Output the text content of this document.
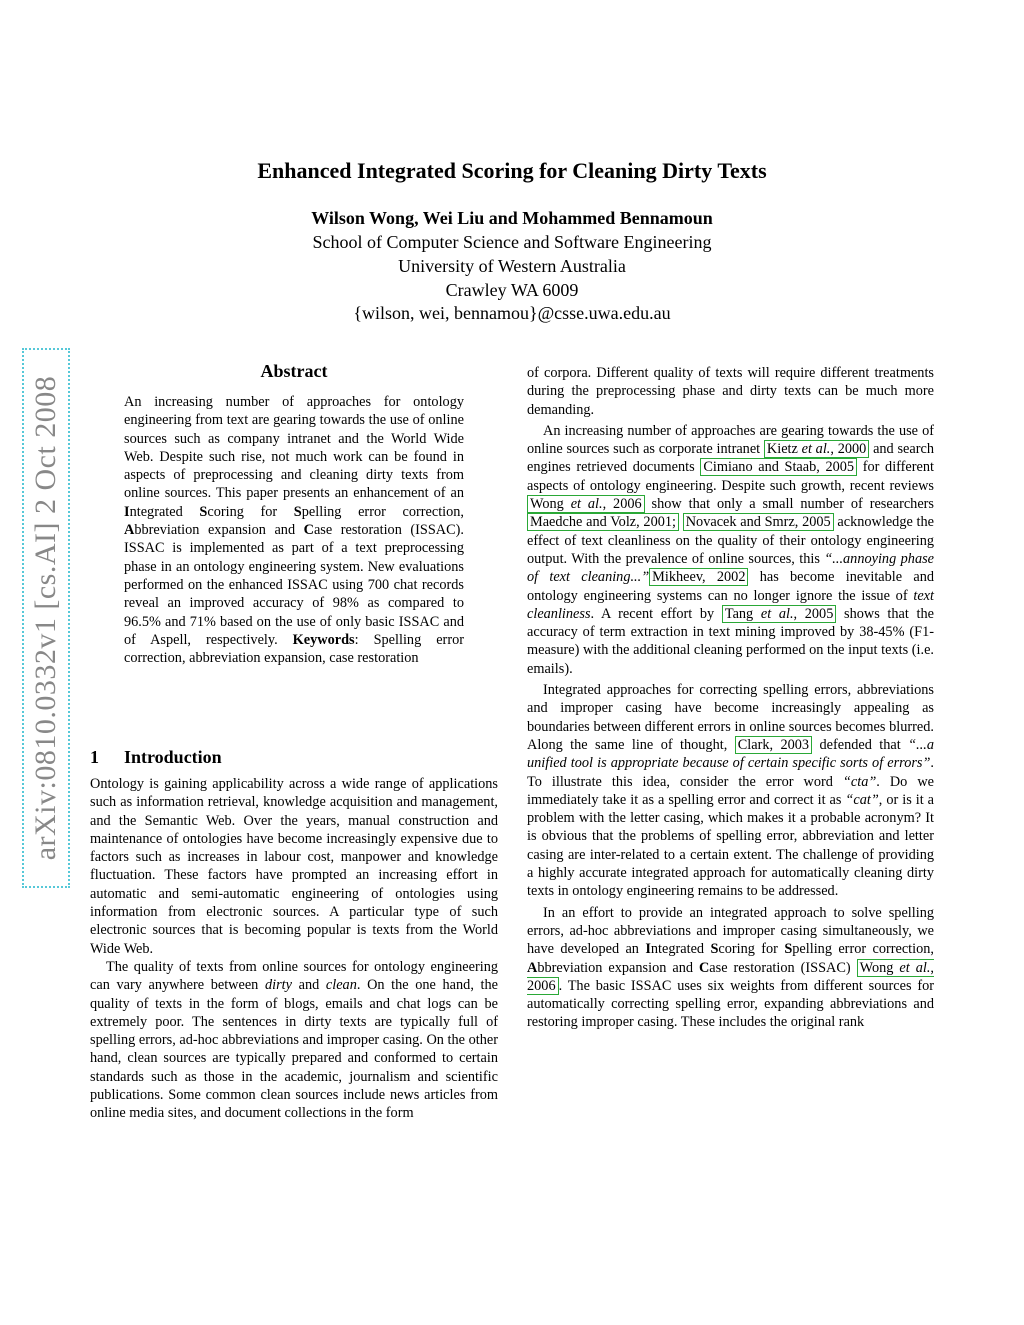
Enhanced Integrated Scoring for Cleaning Dirty Texts
Wilson Wong, Wei Liu and Mohammed Bennamoun
School of Computer Science and Software Engineering
University of Western Australia
Crawley WA 6009
{wilson, wei, bennamou}@csse.uwa.edu.au
arXiv:0810.0332v1 [cs.AI] 2 Oct 2008
Abstract

An increasing number of approaches for ontology engineering from text are gearing towards the use of online sources such as company intranet and the World Wide Web. Despite such rise, not much work can be found in aspects of preprocessing and cleaning dirty texts from online sources. This paper presents an enhancement of an Integrated Scoring for Spelling error correction, Abbreviation expansion and Case restoration (ISSAC). ISSAC is implemented as part of a text preprocessing phase in an ontology engineering system. New evaluations performed on the enhanced ISSAC using 700 chat records reveal an improved accuracy of 98% as compared to 96.5% and 71% based on the use of only basic ISSAC and of Aspell, respectively. Keywords: Spelling error correction, abbreviation expansion, case restoration

1 Introduction

Ontology is gaining applicability across a wide range of applications such as information retrieval, knowledge acquisition and management, and the Semantic Web. Over the years, manual construction and maintenance of ontologies have become increasingly expensive due to factors such as increases in labour cost, manpower and knowledge fluctuation. These factors have prompted an increasing effort in automatic and semi-automatic engineering of ontologies using information from electronic sources. A particular type of such electronic sources that is becoming popular is texts from the World Wide Web.

The quality of texts from online sources for ontology engineering can vary anywhere between dirty and clean. On the one hand, the quality of texts in the form of blogs, emails and chat logs can be extremely poor. The sentences in dirty texts are typically full of spelling errors, ad-hoc abbreviations and improper casing. On the other hand, clean sources are typically prepared and conformed to certain standards such as those in the academic, journalism and scientific publications. Some common clean sources include news articles from online media sites, and document collections in the form

of corpora. Different quality of texts will require different treatments during the preprocessing phase and dirty texts can be much more demanding.

An increasing number of approaches are gearing towards the use of online sources such as corporate intranet Kietz et al., 2000 and search engines retrieved documents Cimiano and Staab, 2005 for different aspects of ontology engineering. Despite such growth, recent reviews Wong et al., 2006 show that only a small number of researchers Maedche and Volz, 2001; Novacek and Smrz, 2005 acknowledge the effect of text cleanliness on the quality of their ontology engineering output. With the prevalence of online sources, this “...annoying phase of text cleaning...” Mikheev, 2002 has become inevitable and ontology engineering systems can no longer ignore the issue of text cleanliness. A recent effort by Tang et al., 2005 shows that the accuracy of term extraction in text mining improved by 38-45% (F1-measure) with the additional cleaning performed on the input texts (i.e. emails).

Integrated approaches for correcting spelling errors, abbreviations and improper casing have become increasingly appealing as boundaries between different errors in online sources becomes blurred. Along the same line of thought, Clark, 2003 defended that “...a unified tool is appropriate because of certain specific sorts of errors”. To illustrate this idea, consider the error word “cta”. Do we immediately take it as a spelling error and correct it as “cat”, or is it a problem with the letter casing, which makes it a probable acronym? It is obvious that the problems of spelling error, abbreviation and letter casing are inter-related to a certain extent. The challenge of providing a highly accurate integrated approach for automatically cleaning dirty texts in ontology engineering remains to be addressed.

In an effort to provide an integrated approach to solve spelling errors, ad-hoc abbreviations and improper casing simultaneously, we have developed an Integrated Scoring for Spelling error correction, Abbreviation expansion and Case restoration (ISSAC) Wong et al., 2006 . The basic ISSAC uses six weights from different sources for automatically correcting spelling error, expanding abbreviations and restoring improper casing. These includes the original rank
